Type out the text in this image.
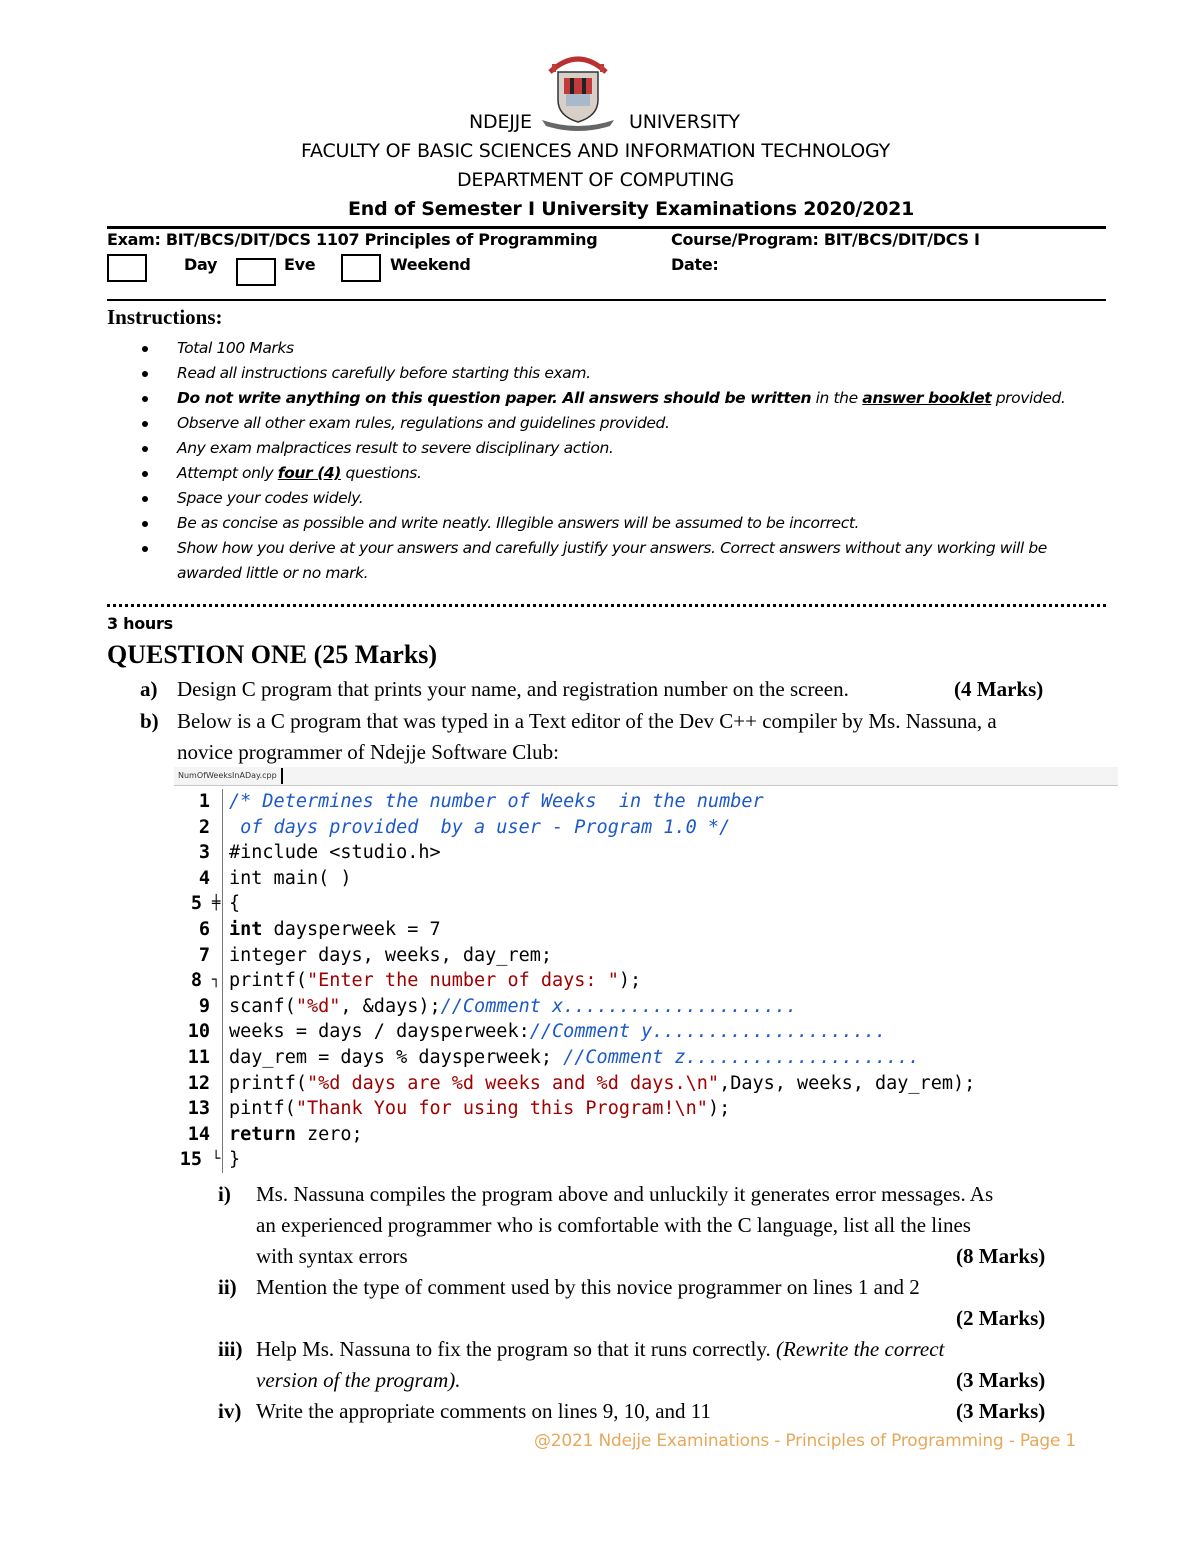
NDEJJE	UNIVERSITY
FACULTY OF BASIC SCIENCES AND INFORMATION TECHNOLOGY
DEPARTMENT OF COMPUTING
End of Semester I University Examinations 2020/2021
Exam: BIT/BCS/DIT/DCS 1107 Principles of Programming	Course/Program: BIT/BCS/DIT/DCS I
Day	Eve	Weekend	Date:
Instructions:
Total 100 Marks
Read all instructions carefully before starting this exam.
Do not write anything on this question paper. All answers should be written in the answer booklet provided.
Observe all other exam rules, regulations and guidelines provided.
Any exam malpractices result to severe disciplinary action.
Attempt only four (4) questions.
Space your codes widely.
Be as concise as possible and write neatly. Illegible answers will be assumed to be incorrect.
Show how you derive at your answers and carefully justify your answers. Correct answers without any working will be awarded little or no mark.
3 hours
QUESTION ONE (25 Marks)
a) Design C program that prints your name, and registration number on the screen.	(4 Marks)
b) Below is a C program that was typed in a Text editor of the Dev C++ compiler by Ms. Nassuna, a
novice programmer of Ndejje Software Club:
NumOfWeeksInADay.cpp
1 /* Determines the number of Weeks  in the number
2 of days provided  by a user - Program 1.0 */
3 #include <studio.h>
4 int main( )
5 ╪ {
6 int daysperweek = 7
7 integer days, weeks, day_rem;
8 ┐ printf("Enter the number of days: ");
9 scanf("%d", &days);//Comment x.....................
10 weeks = days / daysperweek://Comment y.....................
11 day_rem = days % daysperweek; //Comment z.....................
12 printf("%d days are %d weeks and %d days.\n",Days, weeks, day_rem);
13 pintf("Thank You for using this Program!\n");
14 return zero;
15 └ }
i) Ms. Nassuna compiles the program above and unluckily it generates error messages. As
an experienced programmer who is comfortable with the C language, list all the lines
with syntax errors	(8 Marks)
ii) Mention the type of comment used by this novice programmer on lines 1 and 2
(2 Marks)
iii) Help Ms. Nassuna to fix the program so that it runs correctly. (Rewrite the correct
version of the program).	(3 Marks)
iv) Write the appropriate comments on lines 9, 10, and 11	(3 Marks)
@2021 Ndejje Examinations - Principles of Programming - Page 1
